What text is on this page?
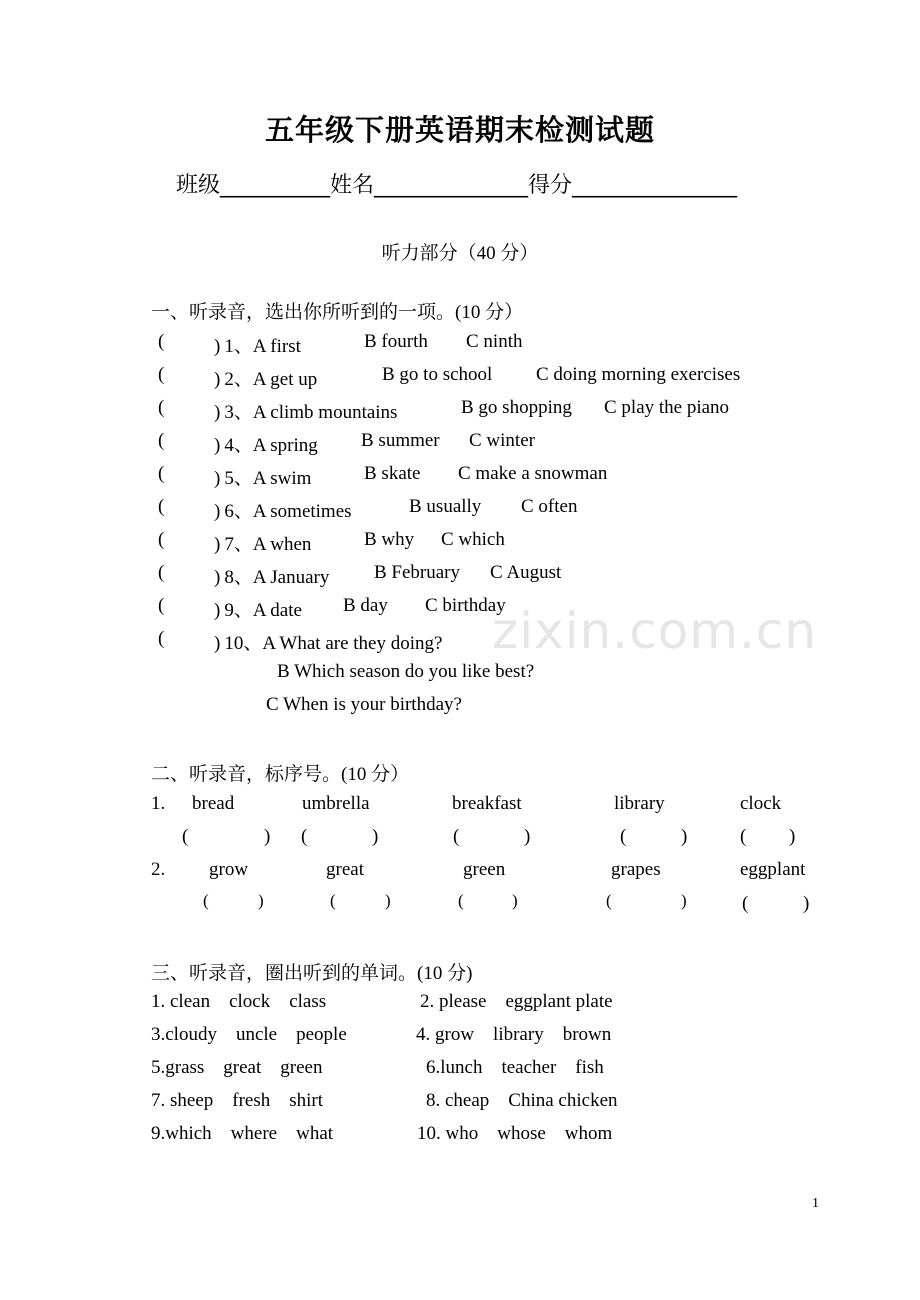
五年级下册英语期末检测试题
班级__________姓名______________得分_______________
听力部分（40 分）
一、听录音，选出你所听到的一项。(10 分）
(	) 1、A first	B fourth C ninth
(	) 2、A get up	B go to school C doing morning exercises
(	) 3、A climb mountains	B go shopping C play the piano
(	) 4、A spring B summer C winter
(	) 5、A swim	B skate C make a snowman
(	) 6、A sometimes	B usually C often
(	) 7、A when	B why C which
(	) 8、A January B February C August
(	) 9、A date B day C birthday
(	) 10、A What are they doing?
B Which season do you like best?
C When is your birthday?
zixin.com.cn
二、听录音，标序号。(10 分）
1. bread	umbrella	breakfast	library	clock
(	) (	)	(	)	(	)	( )
2. grow	great	green	grapes	eggplant
(	)	(	)	(	)	(	)	(	)
三、听录音，圈出听到的单词。(10 分)
1. clean    clock    class	2. please    eggplant plate
3.cloudy    uncle    people	4. grow    library    brown
5.grass    great    green	6.lunch    teacher    fish
7. sheep    fresh    shirt	8. cheap    China chicken
9.which    where    what	10. who    whose    whom
1
